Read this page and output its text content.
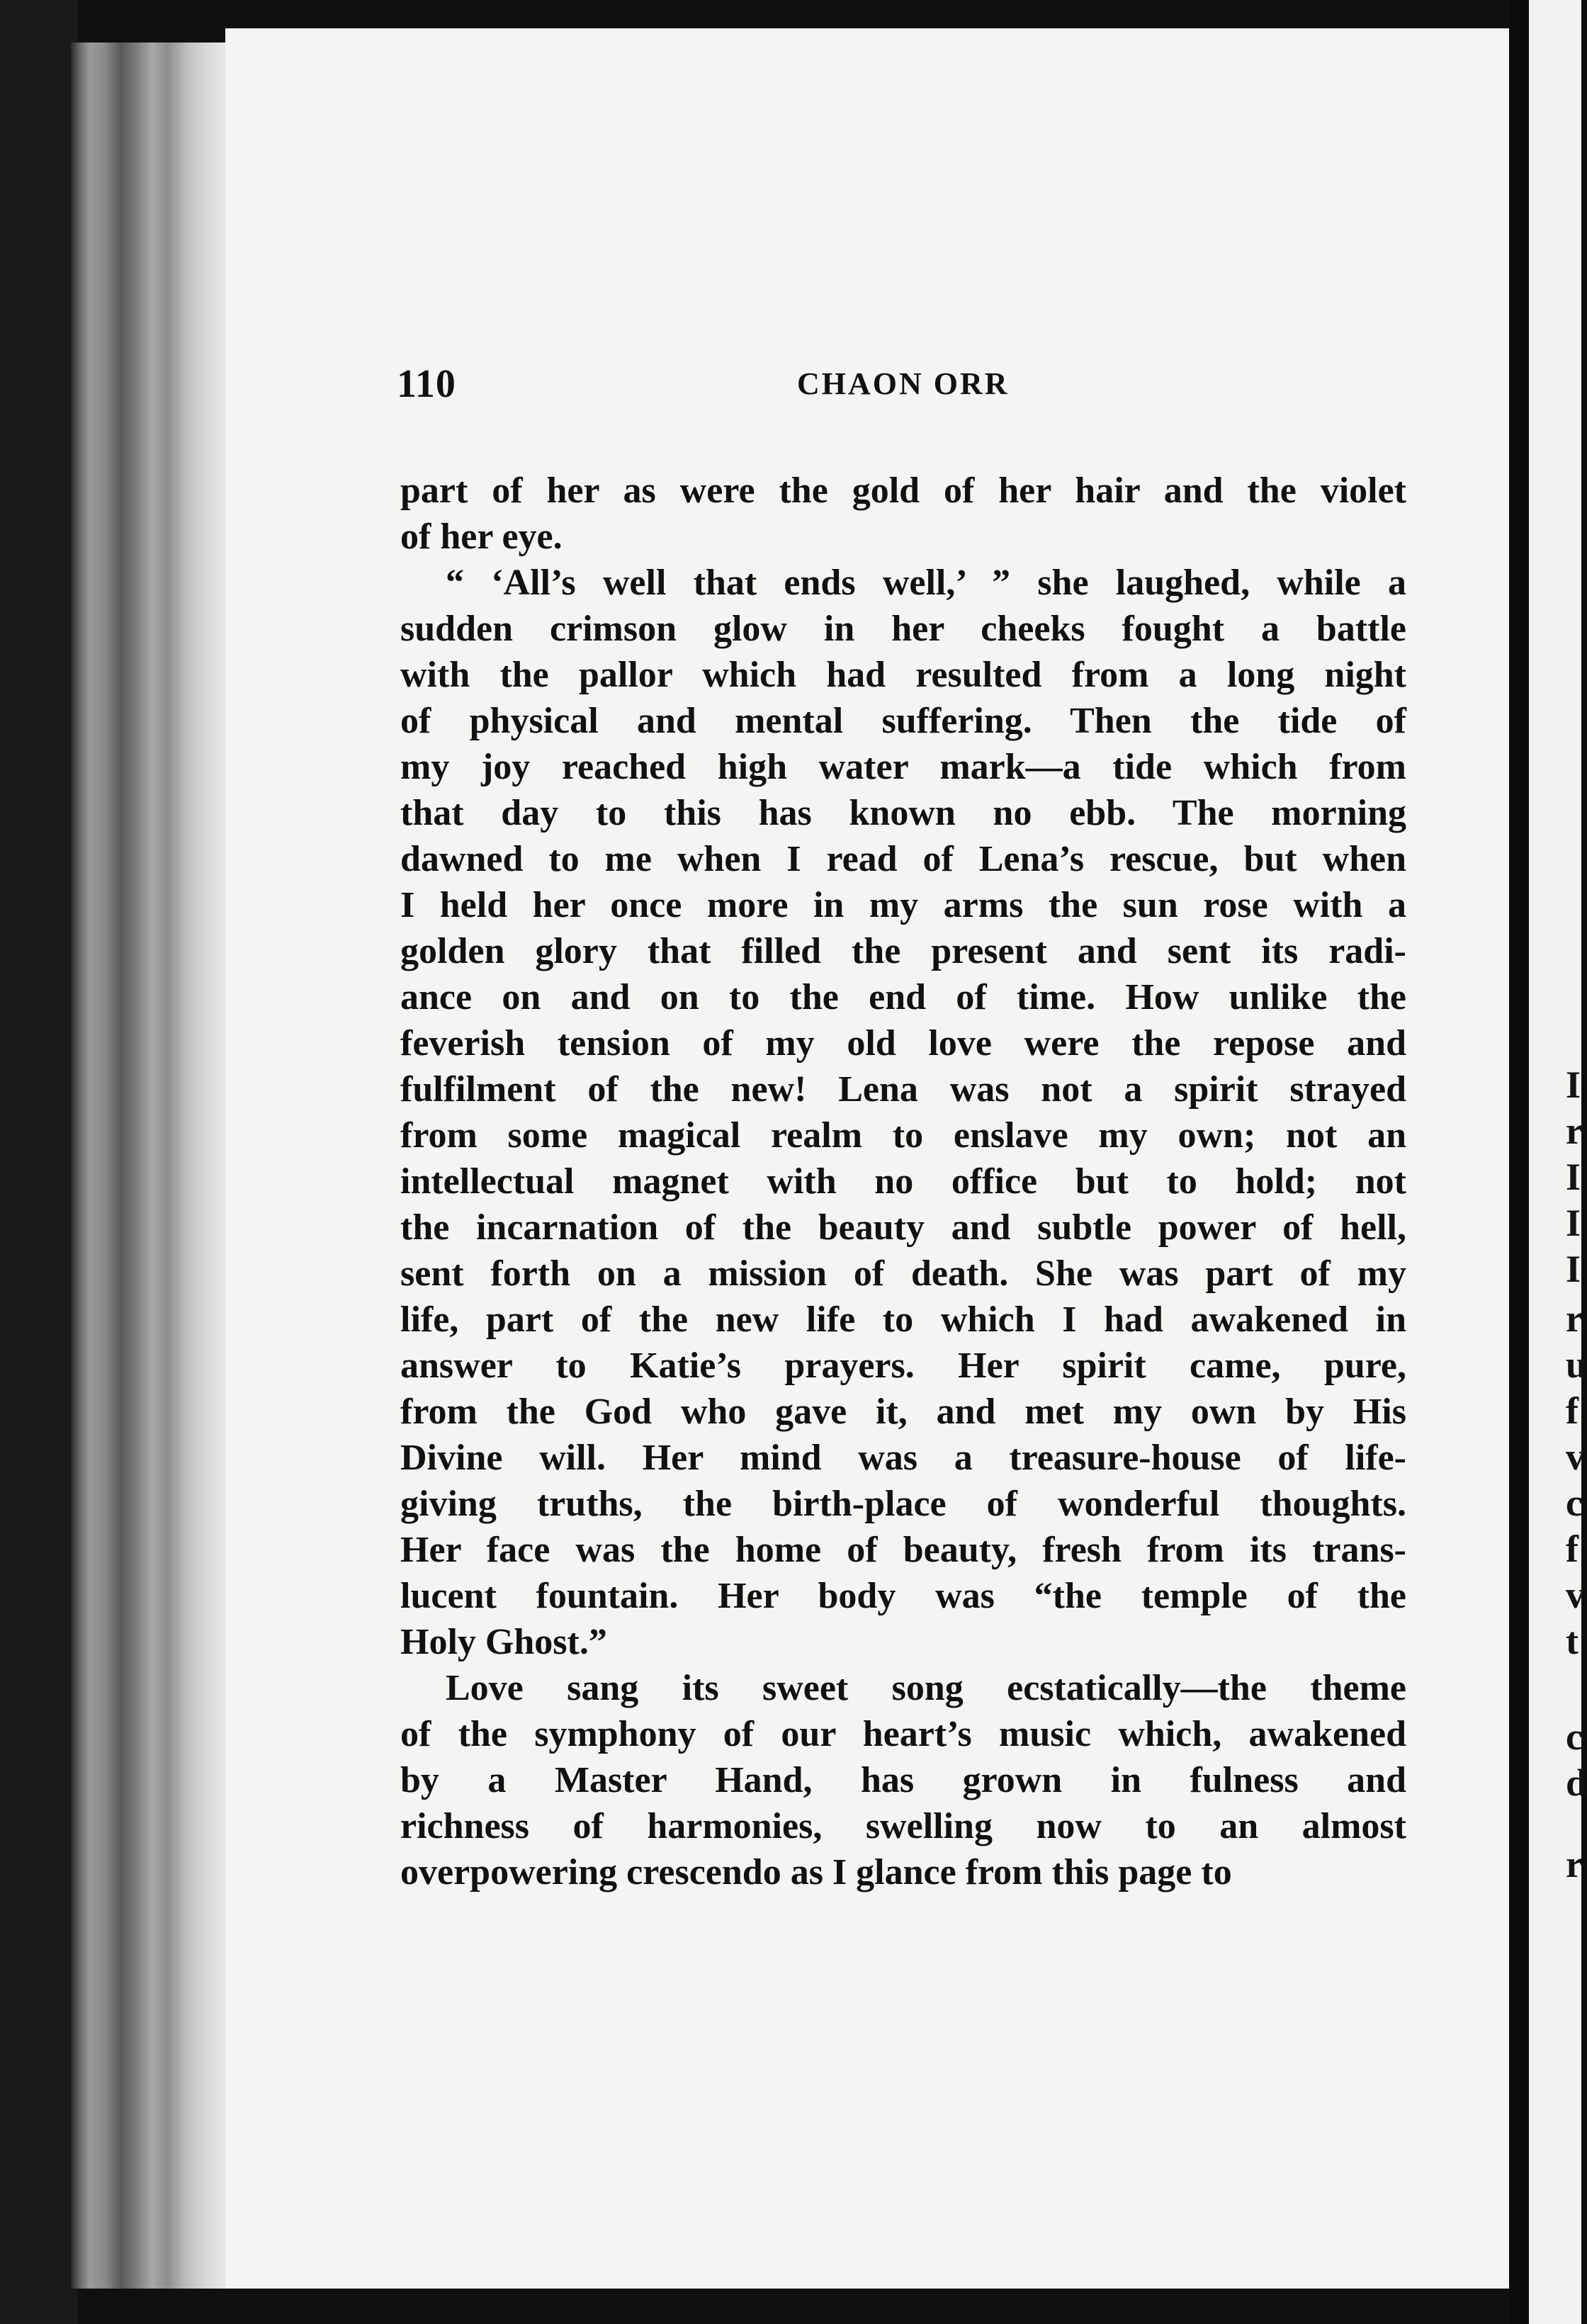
I
r
I
I
I
r
u
f
v
c
f
v
t
c
d
r
110	CHAON ORR
part of her as were the gold of her hair and the violet
of her eye.
“ ‘All’s well that ends well,’ ” she laughed, while a
sudden crimson glow in her cheeks fought a battle
with the pallor which had resulted from a long night
of physical and mental suffering. Then the tide of
my joy reached high water mark—a tide which from
that day to this has known no ebb. The morning
dawned to me when I read of Lena’s rescue, but when
I held her once more in my arms the sun rose with a
golden glory that filled the present and sent its radi-
ance on and on to the end of time. How unlike the
feverish tension of my old love were the repose and
fulfilment of the new! Lena was not a spirit strayed
from some magical realm to enslave my own; not an
intellectual magnet with no office but to hold; not
the incarnation of the beauty and subtle power of hell,
sent forth on a mission of death. She was part of my
life, part of the new life to which I had awakened in
answer to Katie’s prayers. Her spirit came, pure,
from the God who gave it, and met my own by His
Divine will. Her mind was a treasure-house of life-
giving truths, the birth-place of wonderful thoughts.
Her face was the home of beauty, fresh from its trans-
lucent fountain. Her body was “the temple of the
Holy Ghost.”
Love sang its sweet song ecstatically—the theme
of the symphony of our heart’s music which, awakened
by a Master Hand, has grown in fulness and
richness of harmonies, swelling now to an almost
overpowering crescendo as I glance from this page to
